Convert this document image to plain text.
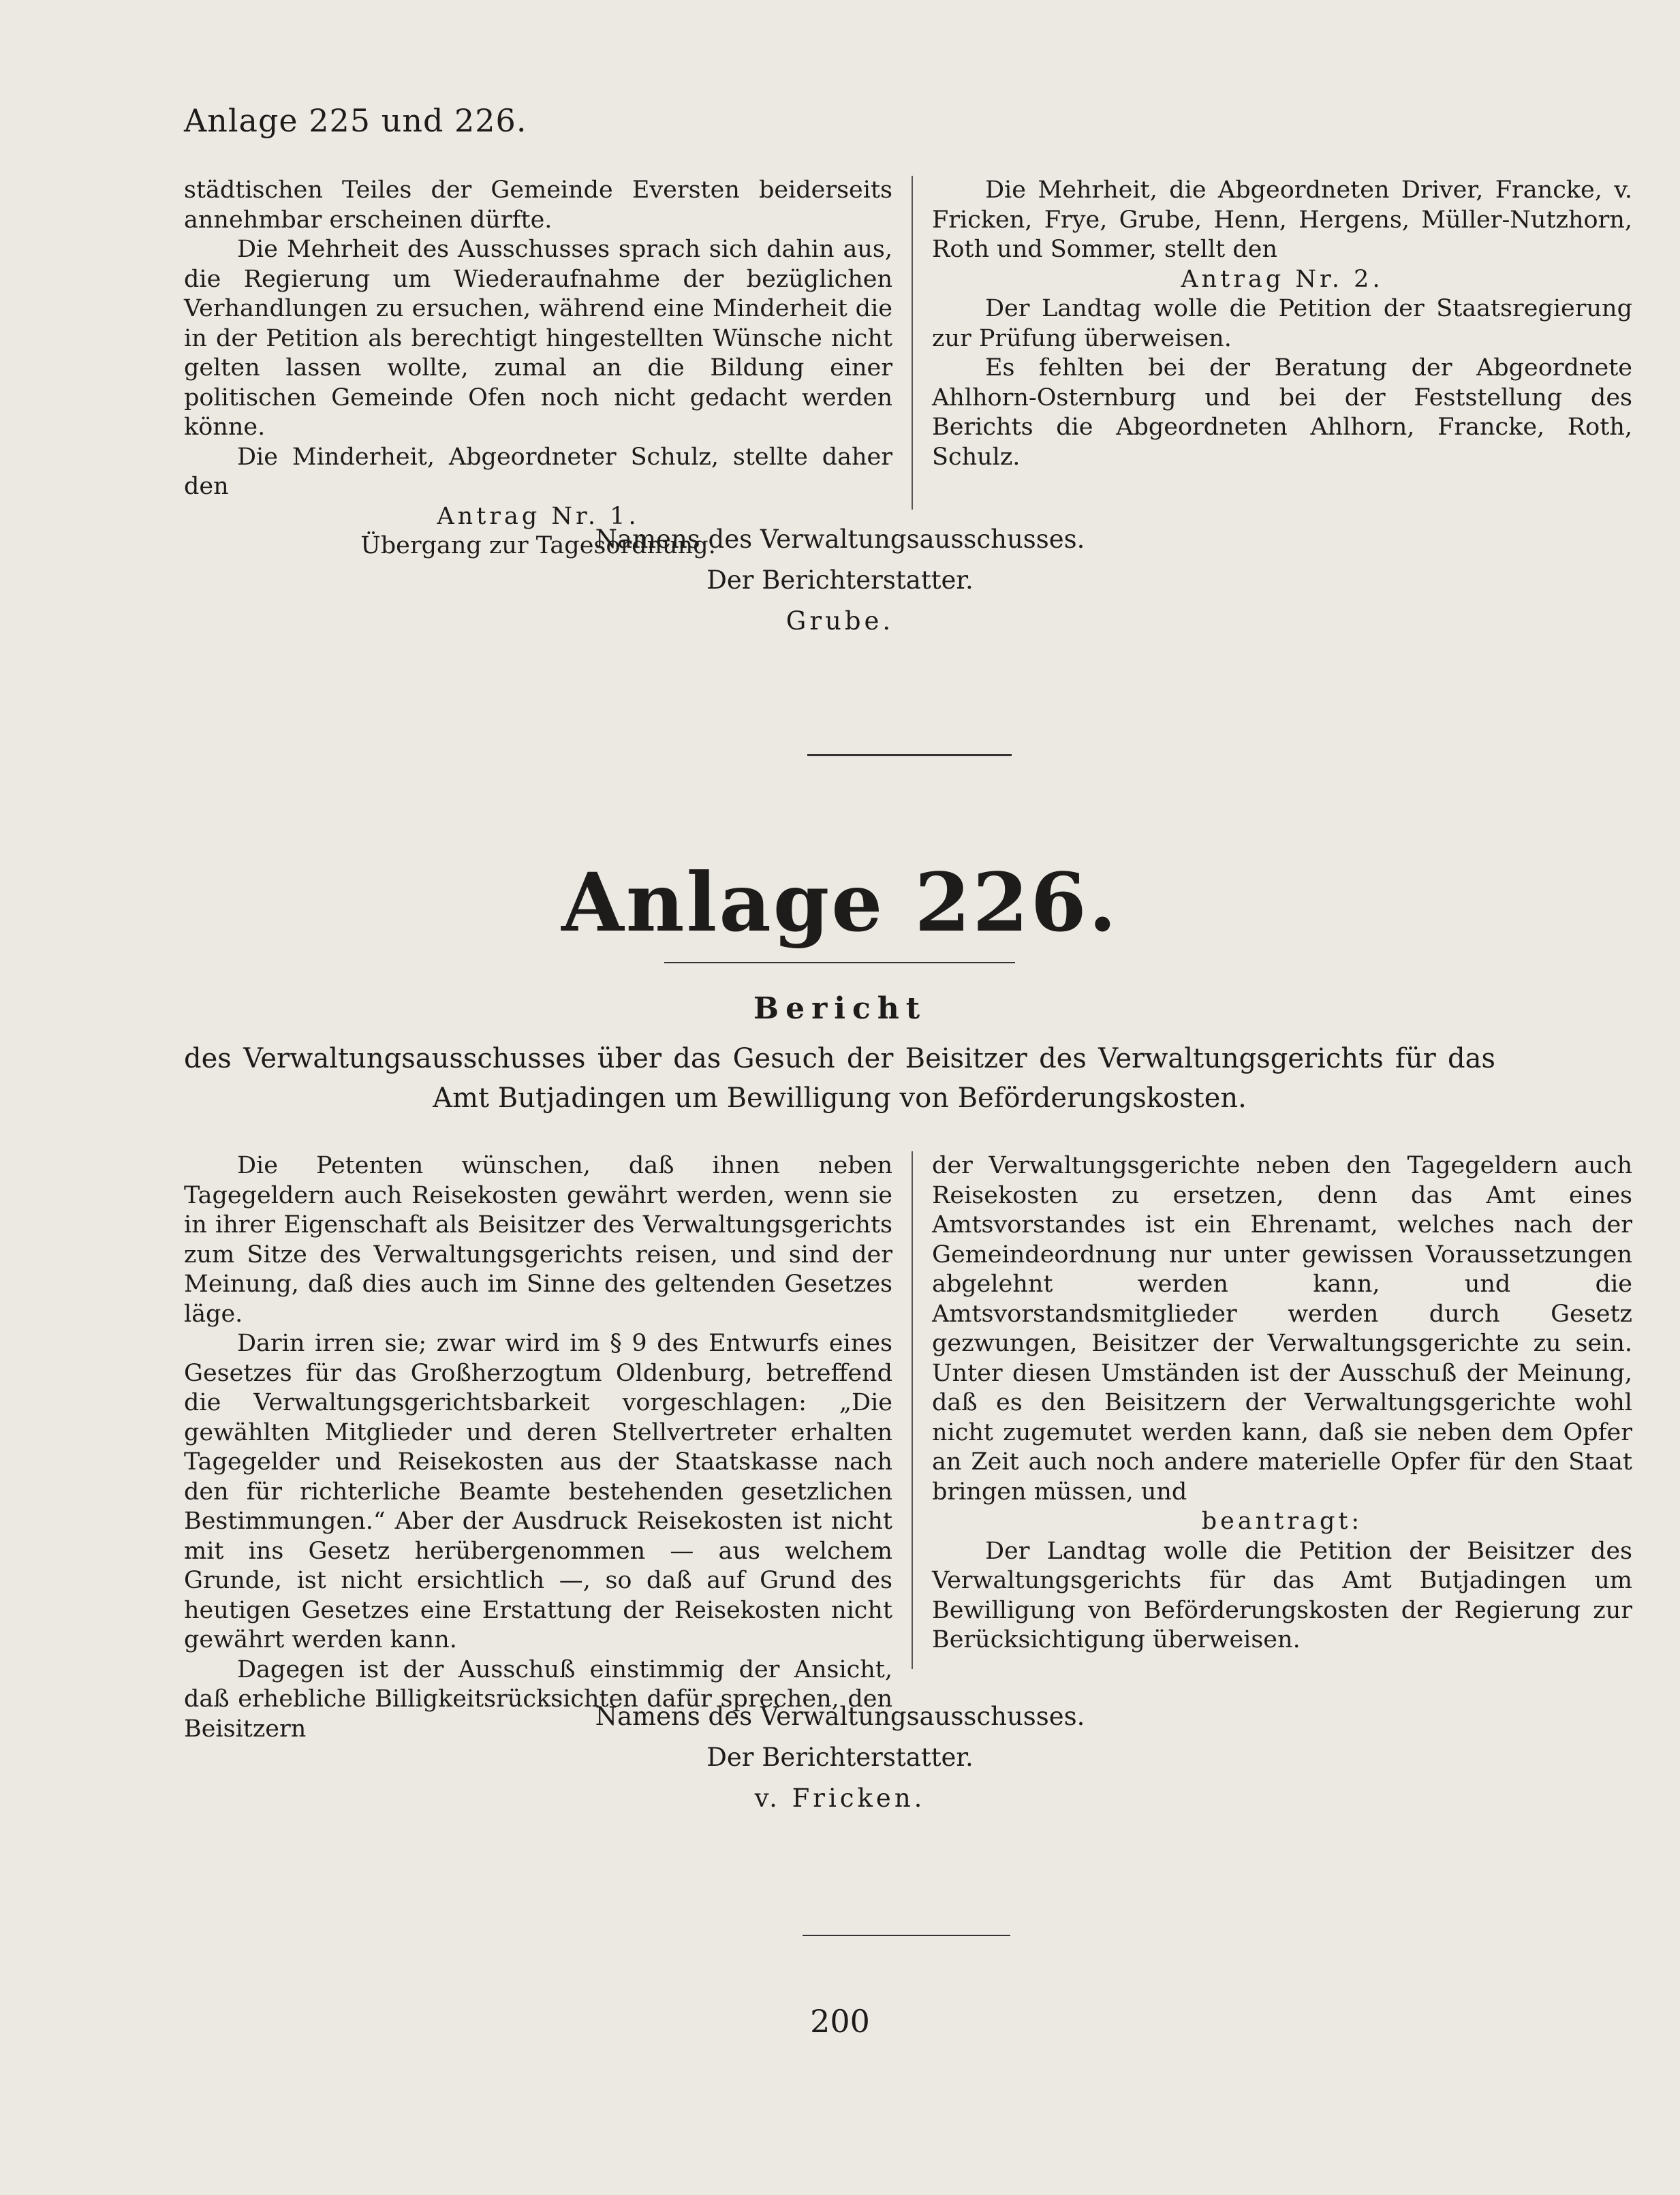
Anlage 225 und 226.

städtischen Teiles der Gemeinde Eversten beiderseits annehmbar erscheinen dürfte.

Die Mehrheit des Ausschusses sprach sich dahin aus, die Regierung um Wiederaufnahme der bezüglichen Verhandlungen zu ersuchen, während eine Minderheit die in der Petition als berechtigt hingestellten Wünsche nicht gelten lassen wollte, zumal an die Bildung einer politischen Gemeinde Ofen noch nicht gedacht werden könne.

Die Minderheit, Abgeordneter Schulz, stellte daher den

Antrag Nr. 1.

Übergang zur Tagesordnung.

Die Mehrheit, die Abgeordneten Driver, Francke, v. Fricken, Frye, Grube, Henn, Hergens, Müller-Nutzhorn, Roth und Sommer, stellt den

Antrag Nr. 2.

Der Landtag wolle die Petition der Staatsregierung zur Prüfung überweisen.

Es fehlten bei der Beratung der Abgeordnete Ahlhorn-Osternburg und bei der Feststellung des Berichts die Abgeordneten Ahlhorn, Francke, Roth, Schulz.

Namens des Verwaltungsausschusses.

Der Berichterstatter.

Grube.

Anlage 226.
Bericht
des Verwaltungsausschusses über das Gesuch der Beisitzer des Verwaltungsgerichts für das Amt Butjadingen um Bewilligung von Beförderungskosten.

Die Petenten wünschen, daß ihnen neben Tagegeldern auch Reisekosten gewährt werden, wenn sie in ihrer Eigenschaft als Beisitzer des Verwaltungsgerichts zum Sitze des Verwaltungsgerichts reisen, und sind der Meinung, daß dies auch im Sinne des geltenden Gesetzes läge.

Darin irren sie; zwar wird im § 9 des Entwurfs eines Gesetzes für das Großherzogtum Oldenburg, betreffend die Verwaltungsgerichtsbarkeit vorgeschlagen: „Die gewählten Mitglieder und deren Stellvertreter erhalten Tagegelder und Reisekosten aus der Staatskasse nach den für richterliche Beamte bestehenden gesetzlichen Bestimmungen.“ Aber der Ausdruck Reisekosten ist nicht mit ins Gesetz herübergenommen — aus welchem Grunde, ist nicht ersichtlich —, so daß auf Grund des heutigen Gesetzes eine Erstattung der Reisekosten nicht gewährt werden kann.

Dagegen ist der Ausschuß einstimmig der Ansicht, daß erhebliche Billigkeitsrücksichten dafür sprechen, den Beisitzern

der Verwaltungsgerichte neben den Tagegeldern auch Reisekosten zu ersetzen, denn das Amt eines Amtsvorstandes ist ein Ehrenamt, welches nach der Gemeindeordnung nur unter gewissen Voraussetzungen abgelehnt werden kann, und die Amtsvorstandsmitglieder werden durch Gesetz gezwungen, Beisitzer der Verwaltungsgerichte zu sein. Unter diesen Umständen ist der Ausschuß der Meinung, daß es den Beisitzern der Verwaltungsgerichte wohl nicht zugemutet werden kann, daß sie neben dem Opfer an Zeit auch noch andere materielle Opfer für den Staat bringen müssen, und

beantragt:

Der Landtag wolle die Petition der Beisitzer des Verwaltungsgerichts für das Amt Butjadingen um Bewilligung von Beförderungskosten der Regierung zur Berücksichtigung überweisen.

Namens des Verwaltungsausschusses.

Der Berichterstatter.

v. Fricken.

200
